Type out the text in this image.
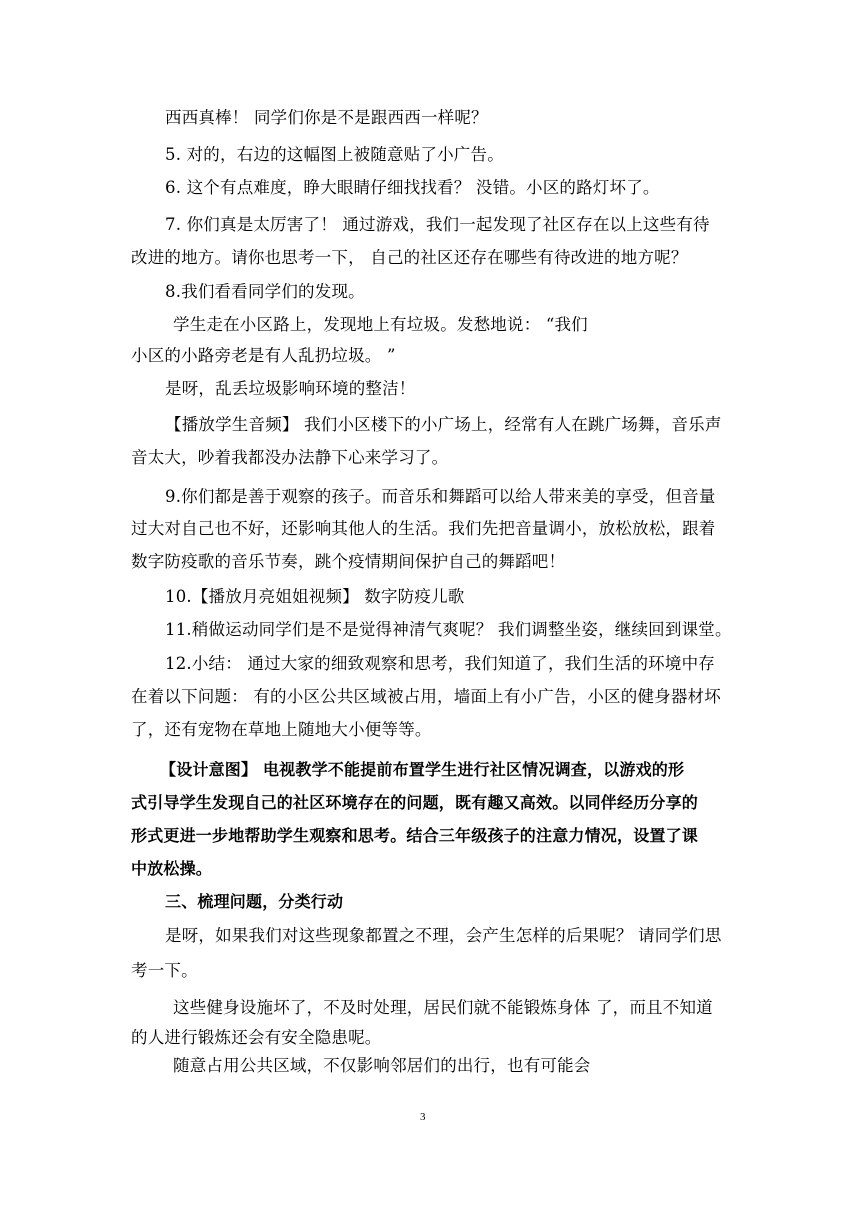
西西真棒！ 同学们你是不是跟西西一样呢？
5. 对的，右边的这幅图上被随意贴了小广告。
6. 这个有点难度，睁大眼睛仔细找找看？ 没错。小区的路灯坏了。
7. 你们真是太厉害了！ 通过游戏，我们一起发现了社区存在以上这些有待
改进的地方。请你也思考一下， 自己的社区还存在哪些有待改进的地方呢？
8.我们看看同学们的发现。
学生走在小区路上，发现地上有垃圾。发愁地说： “我们
小区的小路旁老是有人乱扔垃圾。 ”
是呀，乱丢垃圾影响环境的整洁！
【播放学生音频】 我们小区楼下的小广场上，经常有人在跳广场舞，音乐声
音太大，吵着我都没办法静下心来学习了。
9.你们都是善于观察的孩子。而音乐和舞蹈可以给人带来美的享受，但音量
过大对自己也不好，还影响其他人的生活。我们先把音量调小，放松放松，跟着
数字防疫歌的音乐节奏，跳个疫情期间保护自己的舞蹈吧！
10.【播放月亮姐姐视频】 数字防疫儿歌
11.稍做运动同学们是不是觉得神清气爽呢？ 我们调整坐姿，继续回到课堂。
12.小结： 通过大家的细致观察和思考，我们知道了，我们生活的环境中存
在着以下问题： 有的小区公共区域被占用，墙面上有小广告，小区的健身器材坏
了，还有宠物在草地上随地大小便等等。
【设计意图】 电视教学不能提前布置学生进行社区情况调查，以游戏的形
式引导学生发现自己的社区环境存在的问题，既有趣又高效。以同伴经历分享的
形式更进一步地帮助学生观察和思考。结合三年级孩子的注意力情况，设置了课
中放松操。
三、梳理问题，分类行动
是呀，如果我们对这些现象都置之不理，会产生怎样的后果呢？ 请同学们思
考一下。
这些健身设施坏了，不及时处理，居民们就不能锻炼身体 了，而且不知道
的人进行锻炼还会有安全隐患呢。
随意占用公共区域，不仅影响邻居们的出行，也有可能会
3
